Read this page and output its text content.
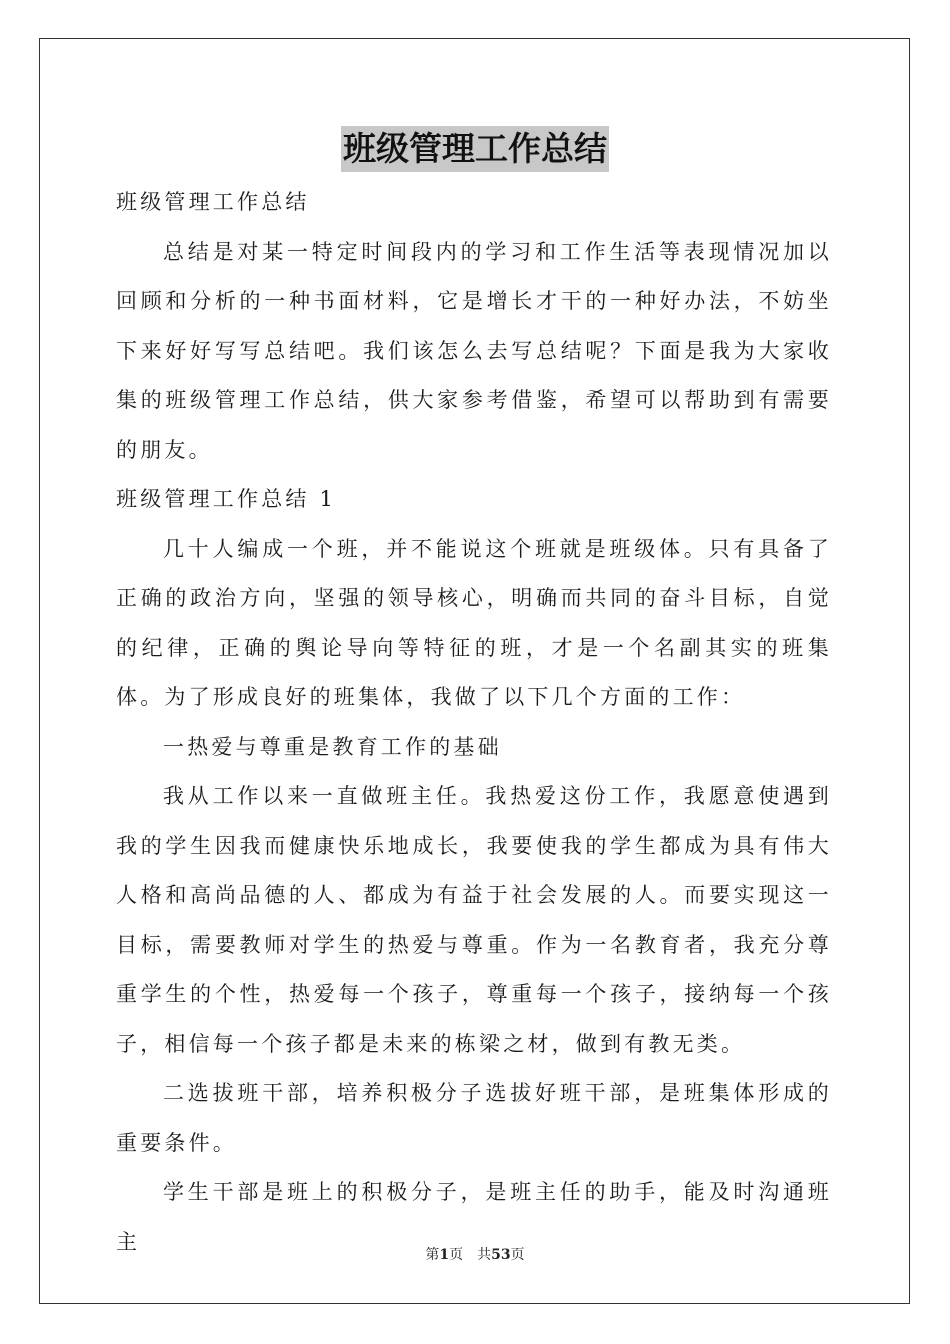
班级管理工作总结
班级管理工作总结

总结是对某一特定时间段内的学习和工作生活等表现情况加以回顾和分析的一种书面材料，它是增长才干的一种好办法，不妨坐下来好好写写总结吧。我们该怎么去写总结呢？下面是我为大家收集的班级管理工作总结，供大家参考借鉴，希望可以帮助到有需要的朋友。

班级管理工作总结 1

几十人编成一个班，并不能说这个班就是班级体。只有具备了正确的政治方向，坚强的领导核心，明确而共同的奋斗目标，自觉的纪律，正确的舆论导向等特征的班，才是一个名副其实的班集体。为了形成良好的班集体，我做了以下几个方面的工作：

一热爱与尊重是教育工作的基础

我从工作以来一直做班主任。我热爱这份工作，我愿意使遇到我的学生因我而健康快乐地成长，我要使我的学生都成为具有伟大人格和高尚品德的人、都成为有益于社会发展的人。而要实现这一目标，需要教师对学生的热爱与尊重。作为一名教育者，我充分尊重学生的个性，热爱每一个孩子，尊重每一个孩子，接纳每一个孩子，相信每一个孩子都是未来的栋梁之材，做到有教无类。

二选拔班干部，培养积极分子选拔好班干部，是班集体形成的重要条件。

学生干部是班上的积极分子，是班主任的助手，能及时沟通班主

第1页 共53页
